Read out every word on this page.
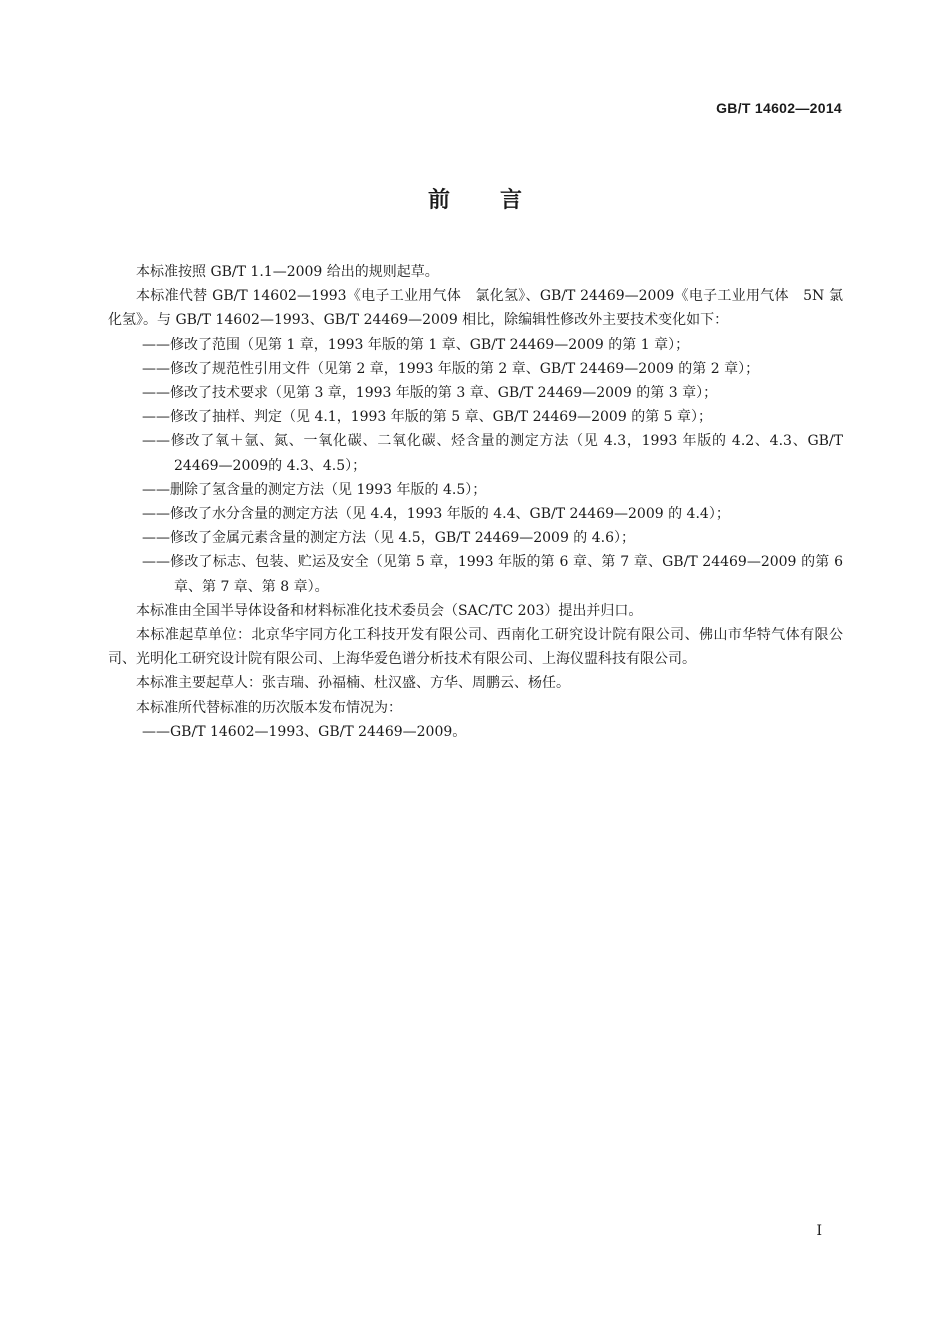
GB/T 14602—2014
前言

本标准按照 GB/T 1.1—2009 给出的规则起草。

本标准代替 GB/T 14602—1993《电子工业用气体　氯化氢》、GB/T 24469—2009《电子工业用气体　5N 氯化氢》。与 GB/T 14602—1993、GB/T 24469—2009 相比，除编辑性修改外主要技术变化如下：

——修改了范围（见第 1 章，1993 年版的第 1 章、GB/T 24469—2009 的第 1 章）；

——修改了规范性引用文件（见第 2 章，1993 年版的第 2 章、GB/T 24469—2009 的第 2 章）；

——修改了技术要求（见第 3 章，1993 年版的第 3 章、GB/T 24469—2009 的第 3 章）；

——修改了抽样、判定（见 4.1，1993 年版的第 5 章、GB/T 24469—2009 的第 5 章）；

——修改了氧＋氩、氮、一氧化碳、二氧化碳、烃含量的测定方法（见 4.3，1993 年版的 4.2、4.3、GB/T 24469—2009的 4.3、4.5）；

——删除了氢含量的测定方法（见 1993 年版的 4.5）；

——修改了水分含量的测定方法（见 4.4，1993 年版的 4.4、GB/T 24469—2009 的 4.4）；

——修改了金属元素含量的测定方法（见 4.5，GB/T 24469—2009 的 4.6）；

——修改了标志、包装、贮运及安全（见第 5 章，1993 年版的第 6 章、第 7 章、GB/T 24469—2009 的第 6 章、第 7 章、第 8 章）。

本标准由全国半导体设备和材料标准化技术委员会（SAC/TC 203）提出并归口。

本标准起草单位：北京华宇同方化工科技开发有限公司、西南化工研究设计院有限公司、佛山市华特气体有限公司、光明化工研究设计院有限公司、上海华爱色谱分析技术有限公司、上海仪盟科技有限公司。

本标准主要起草人：张吉瑞、孙福楠、杜汉盛、方华、周鹏云、杨任。

本标准所代替标准的历次版本发布情况为：

——GB/T 14602—1993、GB/T 24469—2009。

I
